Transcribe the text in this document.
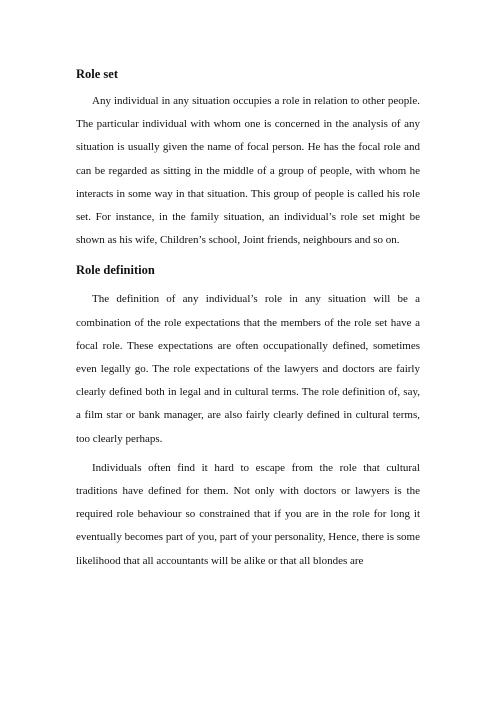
Role set

Any individual in any situation occupies a role in relation to other people. The particular individual with whom one is concerned in the analysis of any situation is usually given the name of focal person. He has the focal role and can be regarded as sitting in the middle of a group of people, with whom he interacts in some way in that situation. This group of people is called his role set. For instance, in the family situation, an individual’s role set might be shown as his wife, Children’s school, Joint friends, neighbours and so on.

Role definition

The definition of any individual’s role in any situation will be a combination of the role expectations that the members of the role set have a focal role. These expectations are often occupationally defined, sometimes even legally go. The role expectations of the lawyers and doctors are fairly clearly defined both in legal and in cultural terms. The role definition of, say, a film star or bank manager, are also fairly clearly defined in cultural terms, too clearly perhaps.

Individuals often find it hard to escape from the role that cultural traditions have defined for them. Not only with doctors or lawyers is the required role behaviour so constrained that if you are in the role for long it eventually becomes part of you, part of your personality, Hence, there is some likelihood that all accountants will be alike or that all blondes are
